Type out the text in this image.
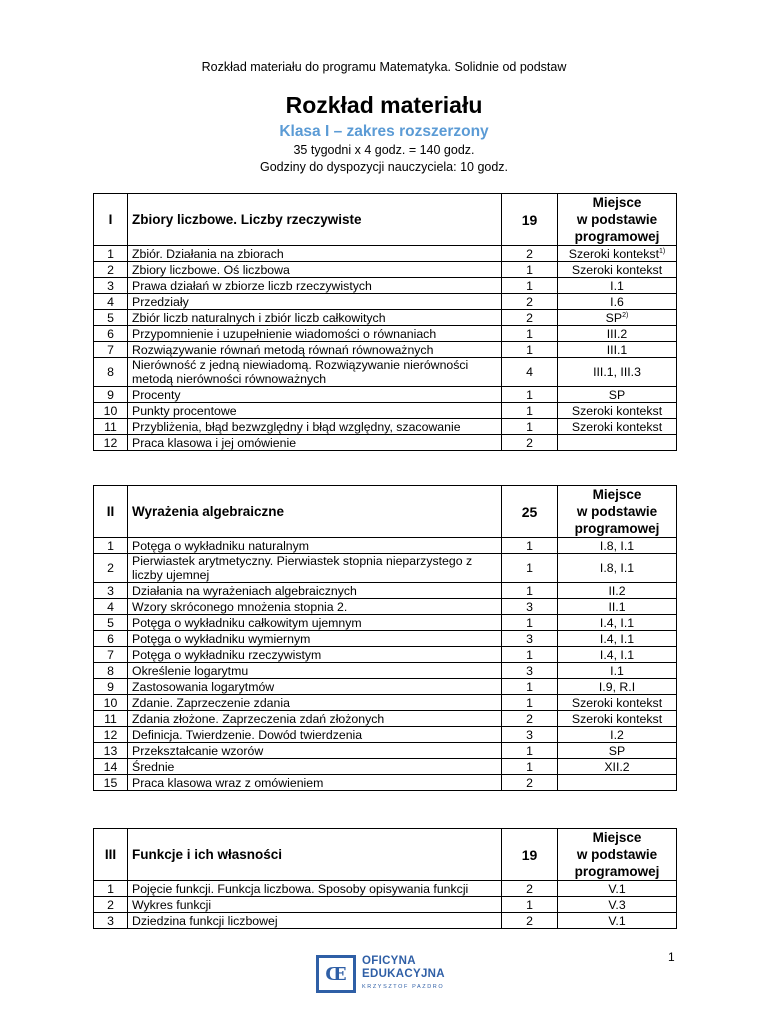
Rozkład materiału do programu Matematyka. Solidnie od podstaw
Rozkład materiału
Klasa I – zakres rozszerzony
35 tygodni x 4 godz. = 140 godz.
Godziny do dyspozycji nauczyciela: 10 godz.
I	Zbiory liczbowe. Liczby rzeczywiste	19	Miejsce
w podstawie
programowej
1	Zbiór. Działania na zbiorach	2	Szeroki kontekst$^{1)}$
2	Zbiory liczbowe. Oś liczbowa	1	Szeroki kontekst
3	Prawa działań w zbiorze liczb rzeczywistych	1	I.1
4	Przedziały	2	I.6
5	Zbiór liczb naturalnych i zbiór liczb całkowitych	2	SP$^{2)}$
6	Przypomnienie i uzupełnienie wiadomości o równaniach	1	III.2
7	Rozwiązywanie równań metodą równań równoważnych	1	III.1
8	Nierówność z jedną niewiadomą. Rozwiązywanie nierówności metodą nierówności równoważnych	4	III.1, III.3
9	Procenty	1	SP
10	Punkty procentowe	1	Szeroki kontekst
11	Przybliżenia, błąd bezwzględny i błąd względny, szacowanie	1	Szeroki kontekst
12	Praca klasowa i jej omówienie	2	
II	Wyrażenia algebraiczne	25	Miejsce
w podstawie
programowej
1	Potęga o wykładniku naturalnym	1	I.8, I.1
2	Pierwiastek arytmetyczny. Pierwiastek stopnia nieparzystego z liczby ujemnej	1	I.8, I.1
3	Działania na wyrażeniach algebraicznych	1	II.2
4	Wzory skróconego mnożenia stopnia 2.	3	II.1
5	Potęga o wykładniku całkowitym ujemnym	1	I.4, I.1
6	Potęga o wykładniku wymiernym	3	I.4, I.1
7	Potęga o wykładniku rzeczywistym	1	I.4, I.1
8	Określenie logarytmu	3	I.1
9	Zastosowania logarytmów	1	I.9, R.I
10	Zdanie. Zaprzeczenie zdania	1	Szeroki kontekst
11	Zdania złożone. Zaprzeczenia zdań złożonych	2	Szeroki kontekst
12	Definicja. Twierdzenie. Dowód twierdzenia	3	I.2
13	Przekształcanie wzorów	1	SP
14	Średnie	1	XII.2
15	Praca klasowa wraz z omówieniem	2	
III	Funkcje i ich własności	19	Miejsce
w podstawie
programowej
1	Pojęcie funkcji. Funkcja liczbowa. Sposoby opisywania funkcji	2	V.1
2	Wykres funkcji	1	V.3
3	Dziedzina funkcji liczbowej	2	V.1
1
Œ
OFICYNA
EDUKACYJNA
KRZYSZTOF PAZDRO
